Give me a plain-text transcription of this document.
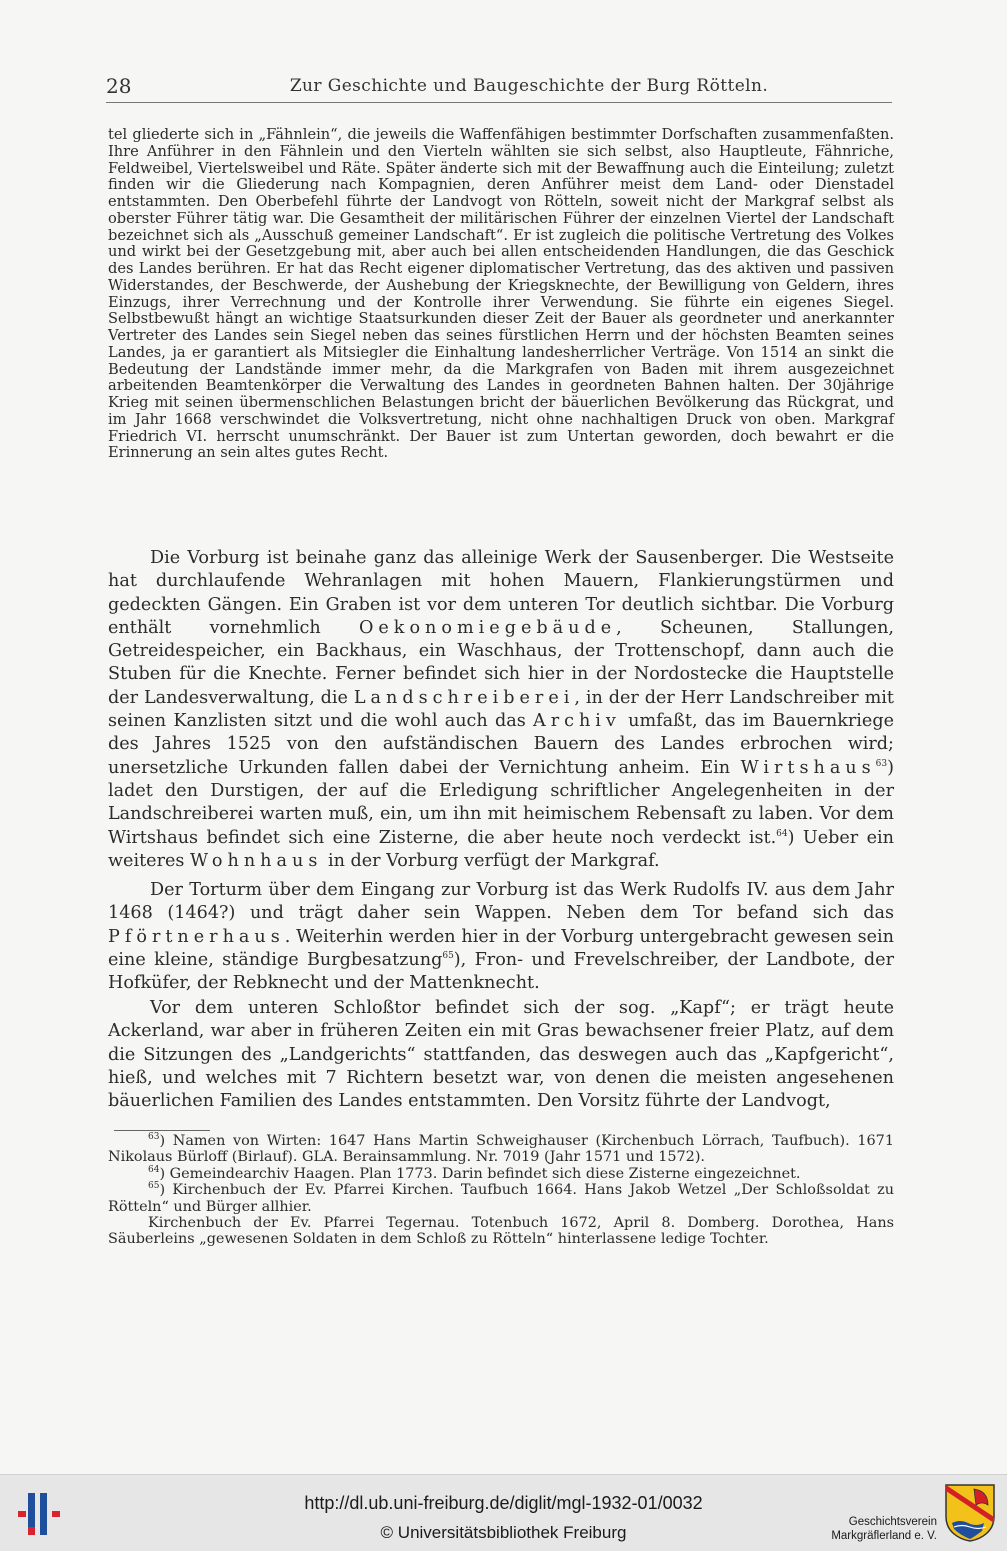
28	Zur Geschichte und Baugeschichte der Burg Rötteln.

tel gliederte sich in „Fähnlein“, die jeweils die Waffenfähigen bestimmter Dorfschaften zusammenfaßten. Ihre Anführer in den Fähnlein und den Vierteln wählten sie sich selbst, also Hauptleute, Fähnriche, Feldweibel, Viertelsweibel und Räte. Später änderte sich mit der Bewaffnung auch die Einteilung; zuletzt finden wir die Gliederung nach Kompagnien, deren Anführer meist dem Land- oder Dienstadel entstammten. Den Oberbefehl führte der Landvogt von Rötteln, soweit nicht der Markgraf selbst als oberster Führer tätig war. Die Gesamtheit der militärischen Führer der einzelnen Viertel der Landschaft bezeichnet sich als „Ausschuß gemeiner Landschaft“. Er ist zugleich die politische Vertretung des Volkes und wirkt bei der Gesetzgebung mit, aber auch bei allen entscheidenden Handlungen, die das Geschick des Landes berühren. Er hat das Recht eigener diplomatischer Vertretung, das des aktiven und passiven Widerstandes, der Beschwerde, der Aushebung der Kriegsknechte, der Bewilligung von Geldern, ihres Einzugs, ihrer Verrechnung und der Kontrolle ihrer Verwendung. Sie führte ein eigenes Siegel. Selbstbewußt hängt an wichtige Staatsurkunden dieser Zeit der Bauer als geordneter und anerkannter Vertreter des Landes sein Siegel neben das seines fürstlichen Herrn und der höchsten Beamten seines Landes, ja er garantiert als Mitsiegler die Einhaltung landesherrlicher Verträge. Von 1514 an sinkt die Bedeutung der Landstände immer mehr, da die Markgrafen von Baden mit ihrem ausgezeichnet arbeitenden Beamtenkörper die Verwaltung des Landes in geordneten Bahnen halten. Der 30jährige Krieg mit seinen übermenschlichen Belastungen bricht der bäuerlichen Bevölkerung das Rückgrat, und im Jahr 1668 verschwindet die Volksvertretung, nicht ohne nachhaltigen Druck von oben. Markgraf Friedrich VI. herrscht unumschränkt. Der Bauer ist zum Untertan geworden, doch bewahrt er die Erinnerung an sein altes gutes Recht.

Die Vorburg ist beinahe ganz das alleinige Werk der Sausenberger. Die Westseite hat durchlaufende Wehranlagen mit hohen Mauern, Flankierungstürmen und gedeckten Gängen. Ein Graben ist vor dem unteren Tor deutlich sichtbar. Die Vorburg enthält vornehmlich Oekonomiegebäude, Scheunen, Stallungen, Getreidespeicher, ein Backhaus, ein Waschhaus, der Trottenschopf, dann auch die Stuben für die Knechte. Ferner befindet sich hier in der Nordostecke die Hauptstelle der Landesverwaltung, die Landschreiberei, in der der Herr Landschreiber mit seinen Kanzlisten sitzt und die wohl auch das Archiv umfaßt, das im Bauernkriege des Jahres 1525 von den aufständischen Bauern des Landes erbrochen wird; unersetzliche Urkunden fallen dabei der Vernichtung anheim. Ein Wirtshaus$^{63}$) ladet den Durstigen, der auf die Erledigung schriftlicher Angelegenheiten in der Landschreiberei warten muß, ein, um ihn mit heimischem Rebensaft zu laben. Vor dem Wirtshaus befindet sich eine Zisterne, die aber heute noch verdeckt ist.$^{64}$) Ueber ein weiteres Wohnhaus in der Vorburg verfügt der Markgraf.

Der Torturm über dem Eingang zur Vorburg ist das Werk Rudolfs IV. aus dem Jahr 1468 (1464?) und trägt daher sein Wappen. Neben dem Tor befand sich das Pförtnerhaus. Weiterhin werden hier in der Vorburg untergebracht gewesen sein eine kleine, ständige Burgbesatzung$^{65}$), Fron- und Frevelschreiber, der Landbote, der Hofküfer, der Rebknecht und der Mattenknecht.

Vor dem unteren Schloßtor befindet sich der sog. „Kapf“; er trägt heute Ackerland, war aber in früheren Zeiten ein mit Gras bewachsener freier Platz, auf dem die Sitzungen des „Landgerichts“ stattfanden, das deswegen auch das „Kapfgericht“, hieß, und welches mit 7 Richtern besetzt war, von denen die meisten angesehenen bäuerlichen Familien des Landes entstammten. Den Vorsitz führte der Landvogt,

$^{63}$) Namen von Wirten: 1647 Hans Martin Schweighauser (Kirchenbuch Lörrach, Taufbuch). 1671 Nikolaus Bürloff (Birlauf). GLA. Berainsammlung. Nr. 7019 (Jahr 1571 und 1572).

$^{64}$) Gemeindearchiv Haagen. Plan 1773. Darin befindet sich diese Zisterne eingezeichnet.

$^{65}$) Kirchenbuch der Ev. Pfarrei Kirchen. Taufbuch 1664. Hans Jakob Wetzel „Der Schloßsoldat zu Rötteln“ und Bürger allhier.

Kirchenbuch der Ev. Pfarrei Tegernau. Totenbuch 1672, April 8. Domberg. Dorothea, Hans Säuberleins „gewesenen Soldaten in dem Schloß zu Rötteln“ hinterlassene ledige Tochter.

http://dl.ub.uni-freiburg.de/diglit/mgl-1932-01/0032
© Universitätsbibliothek Freiburg
Geschichtsverein
Markgräflerland e. V.
